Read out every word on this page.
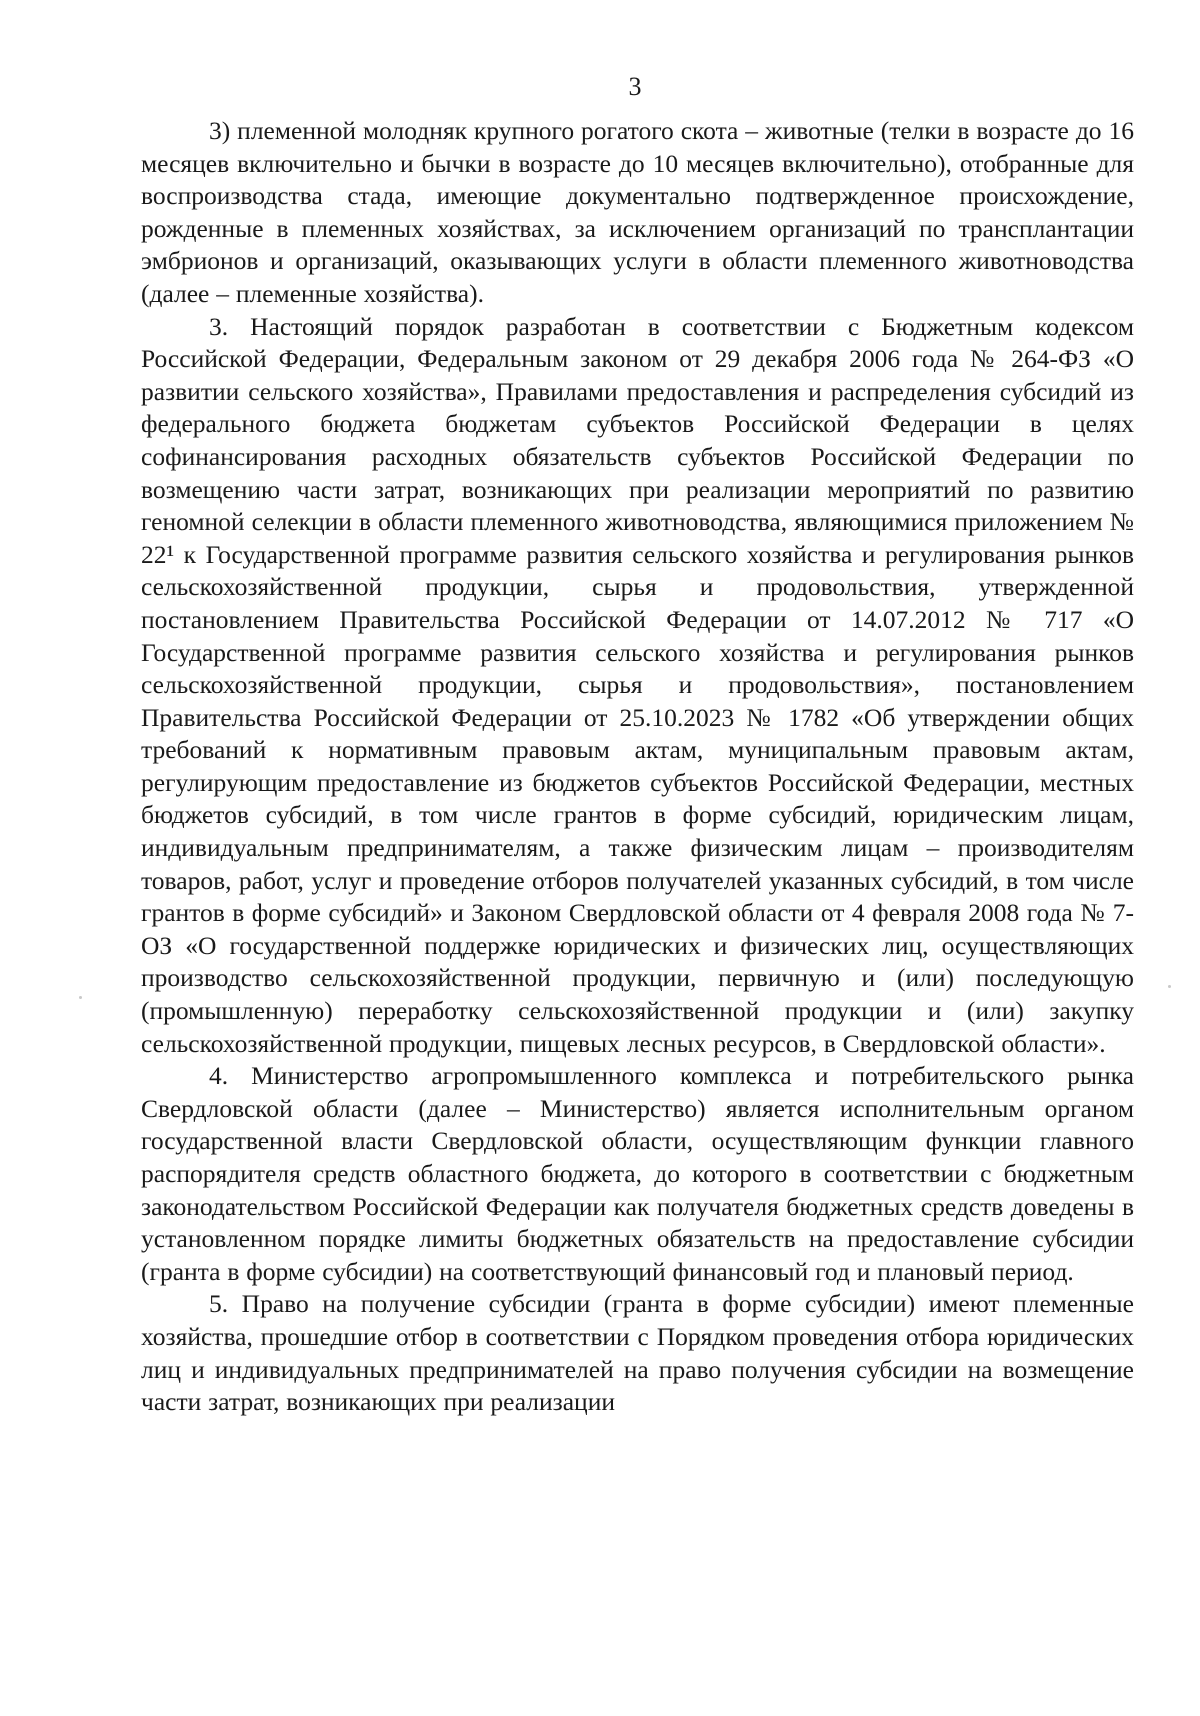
3

3) племенной молодняк крупного рогатого скота – животные (телки в возрасте до 16 месяцев включительно и бычки в возрасте до 10 месяцев включительно), отобранные для воспроизводства стада, имеющие документально подтвержденное происхождение, рожденные в племенных хозяйствах, за исключением организаций по трансплантации эмбрионов и организаций, оказывающих услуги в области племенного животноводства (далее – племенные хозяйства).

3. Настоящий порядок разработан в соответствии с Бюджетным кодексом Российской Федерации, Федеральным законом от 29 декабря 2006 года № 264-ФЗ «О развитии сельского хозяйства», Правилами предоставления и распределения субсидий из федерального бюджета бюджетам субъектов Российской Федерации в целях софинансирования расходных обязательств субъектов Российской Федерации по возмещению части затрат, возникающих при реализации мероприятий по развитию геномной селекции в области племенного животноводства, являющимися приложением № 22¹ к Государственной программе развития сельского хозяйства и регулирования рынков сельскохозяйственной продукции, сырья и продовольствия, утвержденной постановлением Правительства Российской Федерации от 14.07.2012 № 717 «О Государственной программе развития сельского хозяйства и регулирования рынков сельскохозяйственной продукции, сырья и продовольствия», постановлением Правительства Российской Федерации от 25.10.2023 № 1782 «Об утверждении общих требований к нормативным правовым актам, муниципальным правовым актам, регулирующим предоставление из бюджетов субъектов Российской Федерации, местных бюджетов субсидий, в том числе грантов в форме субсидий, юридическим лицам, индивидуальным предпринимателям, а также физическим лицам – производителям товаров, работ, услуг и проведение отборов получателей указанных субсидий, в том числе грантов в форме субсидий» и Законом Свердловской области от 4 февраля 2008 года № 7-ОЗ «О государственной поддержке юридических и физических лиц, осуществляющих производство сельскохозяйственной продукции, первичную и (или) последующую (промышленную) переработку сельскохозяйственной продукции и (или) закупку сельскохозяйственной продукции, пищевых лесных ресурсов, в Свердловской области».

4. Министерство агропромышленного комплекса и потребительского рынка Свердловской области (далее – Министерство) является исполнительным органом государственной власти Свердловской области, осуществляющим функции главного распорядителя средств областного бюджета, до которого в соответствии с бюджетным законодательством Российской Федерации как получателя бюджетных средств доведены в установленном порядке лимиты бюджетных обязательств на предоставление субсидии (гранта в форме субсидии) на соответствующий финансовый год и плановый период.

5. Право на получение субсидии (гранта в форме субсидии) имеют племенные хозяйства, прошедшие отбор в соответствии с Порядком проведения отбора юридических лиц и индивидуальных предпринимателей на право получения субсидии на возмещение части затрат, возникающих при реализации
